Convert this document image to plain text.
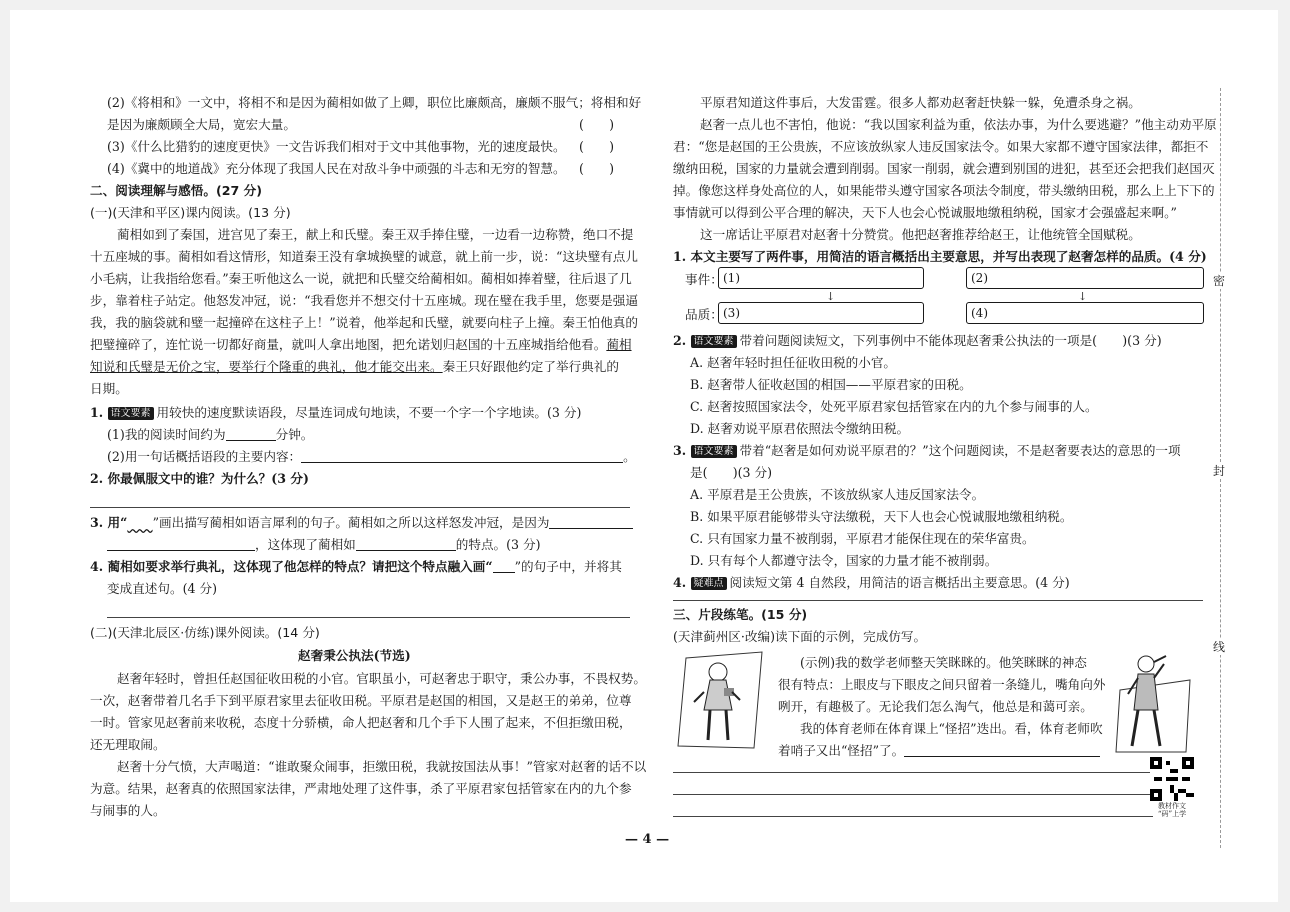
(2)《将相和》一文中，将相不和是因为蔺相如做了上卿，职位比廉颇高，廉颇不服气；将相和好
是因为廉颇顾全大局，宽宏大量。	(　　)
(3)《什么比猎豹的速度更快》一文告诉我们相对于文中其他事物，光的速度最快。 (　　)
(4)《冀中的地道战》充分体现了我国人民在对敌斗争中顽强的斗志和无穷的智慧。 (　　)
二、阅读理解与感悟。(27 分)
(一)(天津和平区)课内阅读。(13 分)
蔺相如到了秦国，进宫见了秦王，献上和氏璧。秦王双手捧住璧，一边看一边称赞，绝口不提
十五座城的事。蔺相如看这情形，知道秦王没有拿城换璧的诚意，就上前一步，说：“这块璧有点儿
小毛病，让我指给您看。”秦王听他这么一说，就把和氏璧交给蔺相如。蔺相如捧着璧，往后退了几
步，靠着柱子站定。他怒发冲冠，说：“我看您并不想交付十五座城。现在璧在我手里，您要是强逼
我，我的脑袋就和璧一起撞碎在这柱子上！”说着，他举起和氏璧，就要向柱子上撞。秦王怕他真的
把璧撞碎了，连忙说一切都好商量，就叫人拿出地图，把允诺划归赵国的十五座城指给他看。蔺相
知说和氏璧是无价之宝，要举行个隆重的典礼，他才能交出来。秦王只好跟他约定了举行典礼的
日期。
1. 语文要素 用较快的速度默读语段，尽量连词成句地读，不要一个字一个字地读。(3 分)
(1)我的阅读时间约为	分钟。
(2)用一句话概括语段的主要内容：	。
2. 你最佩服文中的谁？为什么？(3 分)
3. 用“　　 ”画出描写蔺相如语言犀利的句子。蔺相如之所以这样怒发冲冠，是因为
，这体现了蔺相如	的特点。(3 分)
4. 蔺相如要求举行典礼，这体现了他怎样的特点？请把这个特点融入画“ ”的句子中，并将其
变成直述句。(4 分)
(二)(天津北辰区·仿练)课外阅读。(14 分)
赵奢秉公执法(节选)
赵奢年轻时，曾担任赵国征收田税的小官。官职虽小，可赵奢忠于职守，秉公办事，不畏权势。
一次，赵奢带着几名手下到平原君家里去征收田税。平原君是赵国的相国，又是赵王的弟弟，位尊
一时。管家见赵奢前来收税，态度十分骄横，命人把赵奢和几个手下人围了起来，不但拒缴田税，
还无理取闹。
赵奢十分气愤，大声喝道：“谁敢聚众闹事，拒缴田税，我就按国法从事！”管家对赵奢的话不以
为意。结果，赵奢真的依照国家法律，严肃地处理了这件事，杀了平原君家包括管家在内的九个参
与闹事的人。
平原君知道这件事后，大发雷霆。很多人都劝赵奢赶快躲一躲，免遭杀身之祸。
赵奢一点儿也不害怕，他说：“我以国家利益为重，依法办事，为什么要逃避？”他主动劝平原
君：“您是赵国的王公贵族，不应该放纵家人违反国家法令。如果大家都不遵守国家法律，都拒不
缴纳田税，国家的力量就会遭到削弱。国家一削弱，就会遭到别国的进犯，甚至还会把我们赵国灭
掉。像您这样身处高位的人，如果能带头遵守国家各项法令制度，带头缴纳田税，那么上上下下的
事情就可以得到公平合理的解决，天下人也会心悦诚服地缴租纳税，国家才会强盛起来啊。”
这一席话让平原君对赵奢十分赞赏。他把赵奢推荐给赵王，让他统管全国赋税。
1. 本文主要写了两件事，用简洁的语言概括出主要意思，并写出表现了赵奢怎样的品质。(4 分)
事件： (1)	(2)
↓	↓
品质： (3)	(4)
2. 语文要素 带着问题阅读短文，下列事例中不能体现赵奢秉公执法的一项是(　　)(3 分)
A. 赵奢年轻时担任征收田税的小官。
B. 赵奢带人征收赵国的相国——平原君家的田税。
C. 赵奢按照国家法令，处死平原君家包括管家在内的九个参与闹事的人。
D. 赵奢劝说平原君依照法令缴纳田税。
3. 语文要素 带着“赵奢是如何劝说平原君的？”这个问题阅读，不是赵奢要表达的意思的一项
是(　　)(3 分)
A. 平原君是王公贵族，不该放纵家人违反国家法令。
B. 如果平原君能够带头守法缴税，天下人也会心悦诚服地缴租纳税。
C. 只有国家力量不被削弱，平原君才能保住现在的荣华富贵。
D. 只有每个人都遵守法令，国家的力量才能不被削弱。
4. 疑难点 阅读短文第 4 自然段，用简洁的语言概括出主要意思。(4 分)
三、片段练笔。(15 分)
(天津蓟州区·改编)读下面的示例，完成仿写。
(示例)我的数学老师整天笑眯眯的。他笑眯眯的神态
很有特点：上眼皮与下眼皮之间只留着一条缝儿，嘴角向外
咧开，有趣极了。无论我们怎么淘气，他总是和蔼可亲。
我的体育老师在体育课上“怪招”迭出。看，体育老师吹
着哨子又出“怪招”了。
教材作文
“码”上学
密
封
线
— 4 —
